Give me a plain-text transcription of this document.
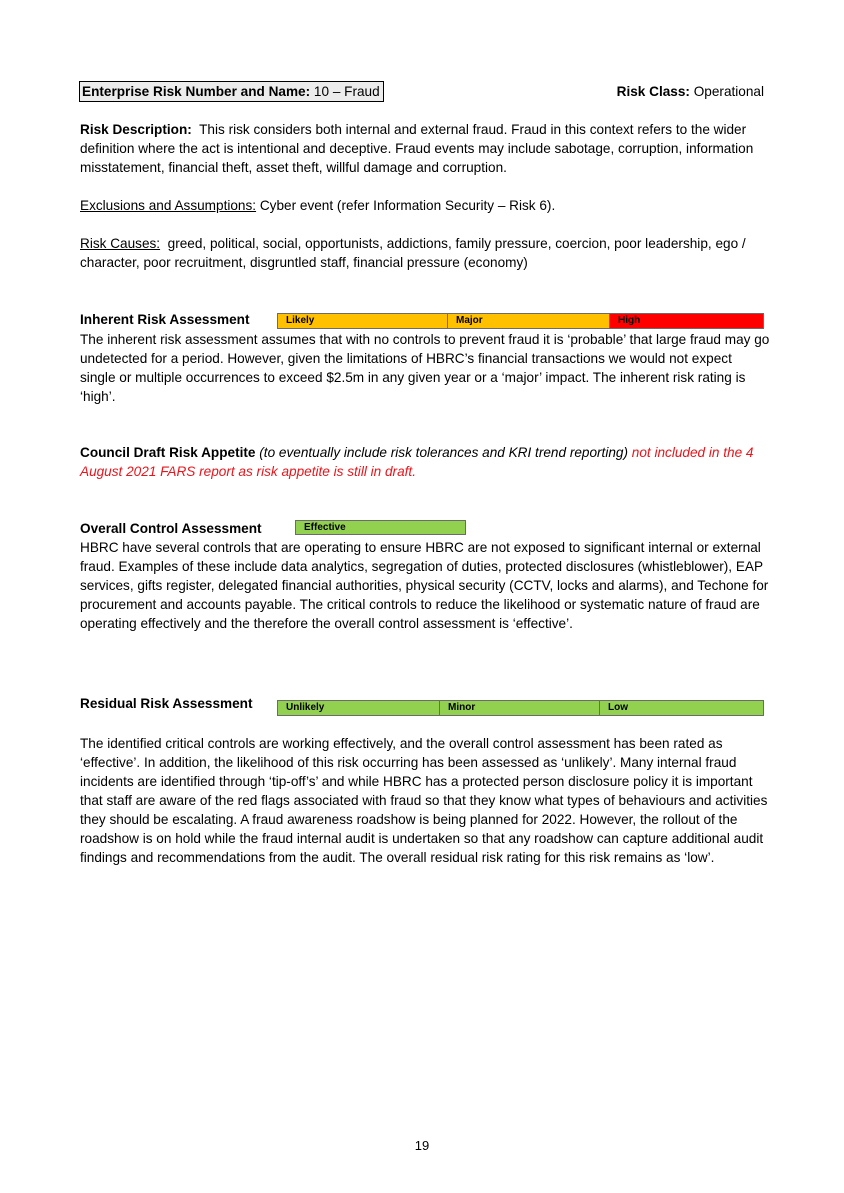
Enterprise Risk Number and Name: 10 – Fraud	Risk Class: Operational

Risk Description: This risk considers both internal and external fraud. Fraud in this context refers to the wider definition where the act is intentional and deceptive. Fraud events may include sabotage, corruption, information misstatement, financial theft, asset theft, willful damage and corruption.

Exclusions and Assumptions: Cyber event (refer Information Security – Risk 6).

Risk Causes: greed, political, social, opportunists, addictions, family pressure, coercion, poor leadership, ego / character, poor recruitment, disgruntled staff, financial pressure (economy)

Inherent Risk Assessment	Likely	Major	High

The inherent risk assessment assumes that with no controls to prevent fraud it is ‘probable’ that large fraud may go undetected for a period. However, given the limitations of HBRC’s financial transactions we would not expect single or multiple occurrences to exceed $2.5m in any given year or a ‘major’ impact. The inherent risk rating is ‘high’.

Council Draft Risk Appetite (to eventually include risk tolerances and KRI trend reporting) not included in the 4 August 2021 FARS report as risk appetite is still in draft.

Overall Control Assessment	Effective

HBRC have several controls that are operating to ensure HBRC are not exposed to significant internal or external fraud. Examples of these include data analytics, segregation of duties, protected disclosures (whistleblower), EAP services, gifts register, delegated financial authorities, physical security (CCTV, locks and alarms), and Techone for procurement and accounts payable. The critical controls to reduce the likelihood or systematic nature of fraud are operating effectively and the therefore the overall control assessment is ‘effective’.

Residual Risk Assessment	Unlikely	Minor	Low

The identified critical controls are working effectively, and the overall control assessment has been rated as ‘effective’. In addition, the likelihood of this risk occurring has been assessed as ‘unlikely’. Many internal fraud incidents are identified through ‘tip-off’s’ and while HBRC has a protected person disclosure policy it is important that staff are aware of the red flags associated with fraud so that they know what types of behaviours and activities they should be escalating. A fraud awareness roadshow is being planned for 2022. However, the rollout of the roadshow is on hold while the fraud internal audit is undertaken so that any roadshow can capture additional audit findings and recommendations from the audit. The overall residual risk rating for this risk remains as ‘low’.

19
